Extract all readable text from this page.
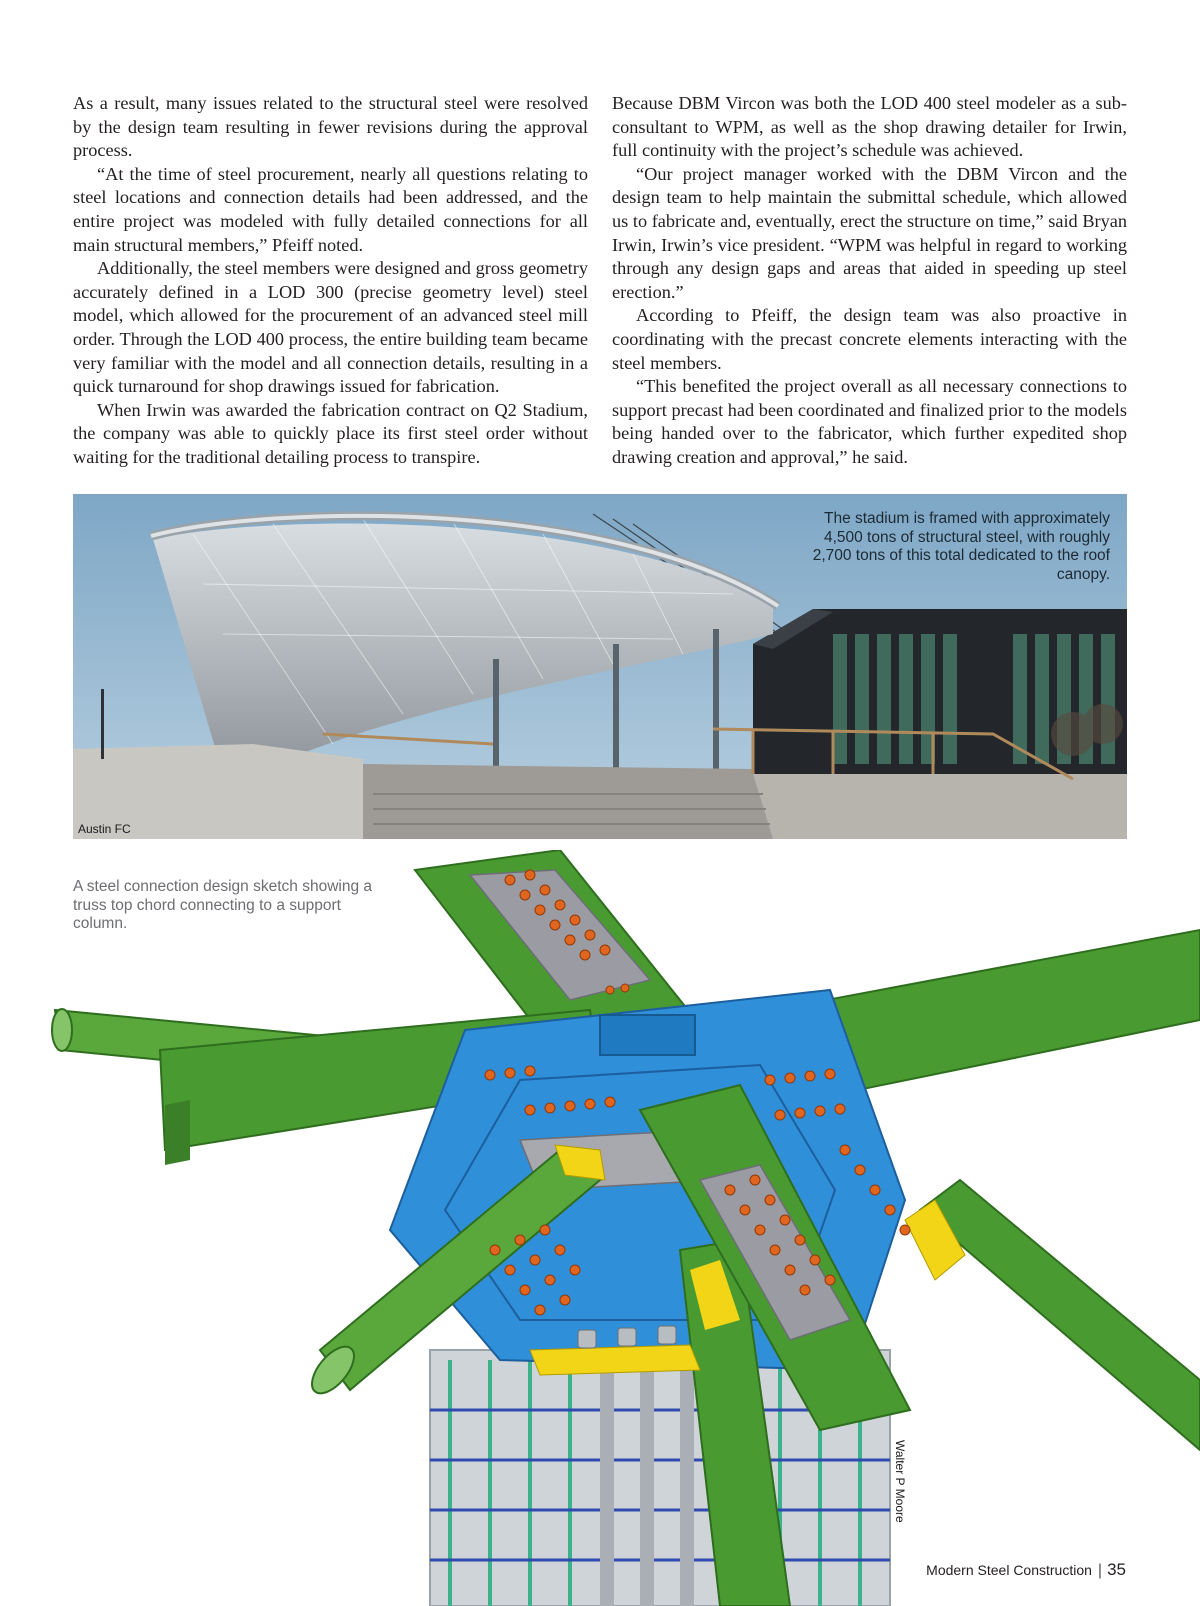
As a result, many issues related to the structural steel were resolved by the design team resulting in fewer revisions during the approval process.

“At the time of steel procurement, nearly all questions relating to steel locations and connection details had been addressed, and the entire project was modeled with fully detailed connections for all main structural members,” Pfeiff noted.

Additionally, the steel members were designed and gross geometry accurately defined in a LOD 300 (precise geometry level) steel model, which allowed for the procurement of an advanced steel mill order. Through the LOD 400 process, the entire building team became very familiar with the model and all connection details, resulting in a quick turnaround for shop drawings issued for fabrication.

When Irwin was awarded the fabrication contract on Q2 Stadium, the company was able to quickly place its first steel order without waiting for the traditional detailing process to transpire.

Because DBM Vircon was both the LOD 400 steel modeler as a sub-consultant to WPM, as well as the shop drawing detailer for Irwin, full continuity with the project’s schedule was achieved.

“Our project manager worked with the DBM Vircon and the design team to help maintain the submittal schedule, which allowed us to fabricate and, eventually, erect the structure on time,” said Bryan Irwin, Irwin’s vice president. “WPM was helpful in regard to working through any design gaps and areas that aided in speeding up steel erection.”

According to Pfeiff, the design team was also proactive in coordinating with the precast concrete elements interacting with the steel members.

“This benefited the project overall as all necessary connections to support precast had been coordinated and finalized prior to the models being handed over to the fabricator, which further expedited shop drawing creation and approval,” he said.

The stadium is framed with approximately 4,500 tons of structural steel, with roughly 2,700 tons of this total dedicated to the roof canopy.
Austin FC
A steel connection design sketch showing a truss top chord connecting to a support column.
Walter P Moore
Modern Steel Construction | 35
